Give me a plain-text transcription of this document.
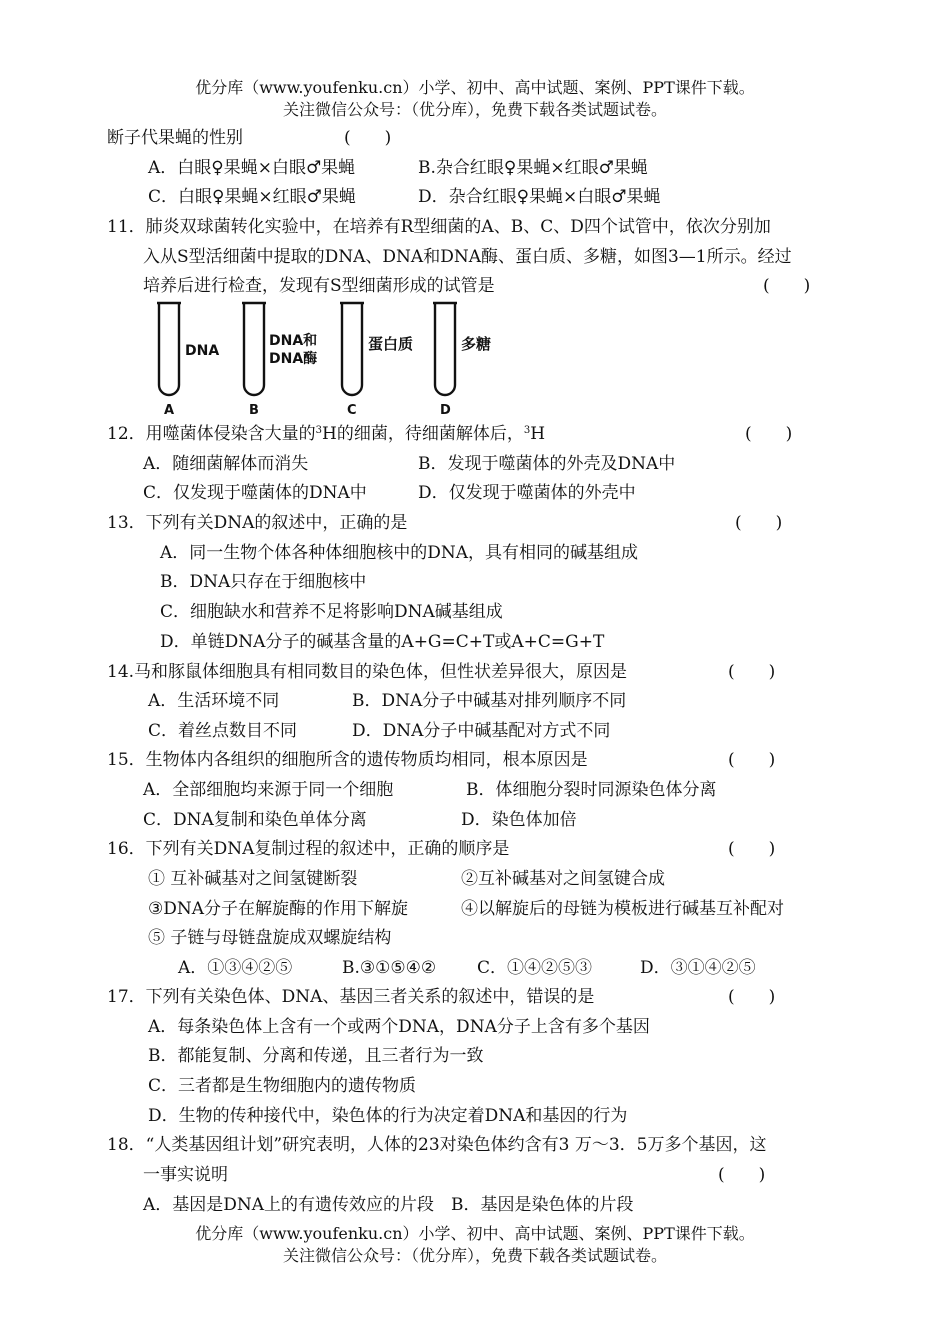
优分库（www.youfenku.cn）小学、初中、高中试题、案例、PPT课件下载。
关注微信公众号：（优分库），免费下载各类试题试卷。
断子代果蝇的性别	(　　)
A．白眼♀果蝇×白眼♂果蝇	B.杂合红眼♀果蝇×红眼♂果蝇
C．白眼♀果蝇×红眼♂果蝇	D．杂合红眼♀果蝇×白眼♂果蝇
11．肺炎双球菌转化实验中，在培养有R型细菌的A、B、C、D四个试管中，依次分别加
入从S型活细菌中提取的DNA、DNA和DNA酶、蛋白质、多糖，如图3—1所示。经过
培养后进行检查，发现有S型细菌形成的试管是	(　　)
DNA
DNA和 DNA酶
蛋白质	多糖
A	B	C	D
12．用噬菌体侵染含大量的$^3$H的细菌，待细菌解体后，$^3$H	(　　)
A．随细菌解体而消失	B．发现于噬菌体的外壳及DNA中
C．仅发现于噬菌体的DNA中	D．仅发现于噬菌体的外壳中
13．下列有关DNA的叙述中，正确的是	(　　)
A．同一生物个体各种体细胞核中的DNA，具有相同的碱基组成
B．DNA只存在于细胞核中
C．细胞缺水和营养不足将影响DNA碱基组成
D．单链DNA分子的碱基含量的A+G=C+T或A+C=G+T
14.马和豚鼠体细胞具有相同数目的染色体，但性状差异很大，原因是	(　　)
A．生活环境不同	B．DNA分子中碱基对排列顺序不同
C．着丝点数目不同	D．DNA分子中碱基配对方式不同
15．生物体内各组织的细胞所含的遗传物质均相同，根本原因是	(　　)
A．全部细胞均来源于同一个细胞	B．体细胞分裂时同源染色体分离
C．DNA复制和染色单体分离	D．染色体加倍
16．下列有关DNA复制过程的叙述中，正确的顺序是	(　　)
① 互补碱基对之间氢键断裂	②互补碱基对之间氢键合成
③DNA分子在解旋酶的作用下解旋	④以解旋后的母链为模板进行碱基互补配对
⑤ 子链与母链盘旋成双螺旋结构
A．①③④②⑤	B.③①⑤④② C．①④②⑤③	D．③①④②⑤
17．下列有关染色体、DNA、基因三者关系的叙述中，错误的是	(　　)
A．每条染色体上含有一个或两个DNA，DNA分子上含有多个基因
B．都能复制、分离和传递，且三者行为一致
C．三者都是生物细胞内的遗传物质
D．生物的传种接代中，染色体的行为决定着DNA和基因的行为
18．“人类基因组计划”研究表明，人体的23对染色体约含有3 万～3．5万多个基因，这
一事实说明	(　　)
A．基因是DNA上的有遗传效应的片段　B．基因是染色体的片段
优分库（www.youfenku.cn）小学、初中、高中试题、案例、PPT课件下载。
关注微信公众号：（优分库），免费下载各类试题试卷。
